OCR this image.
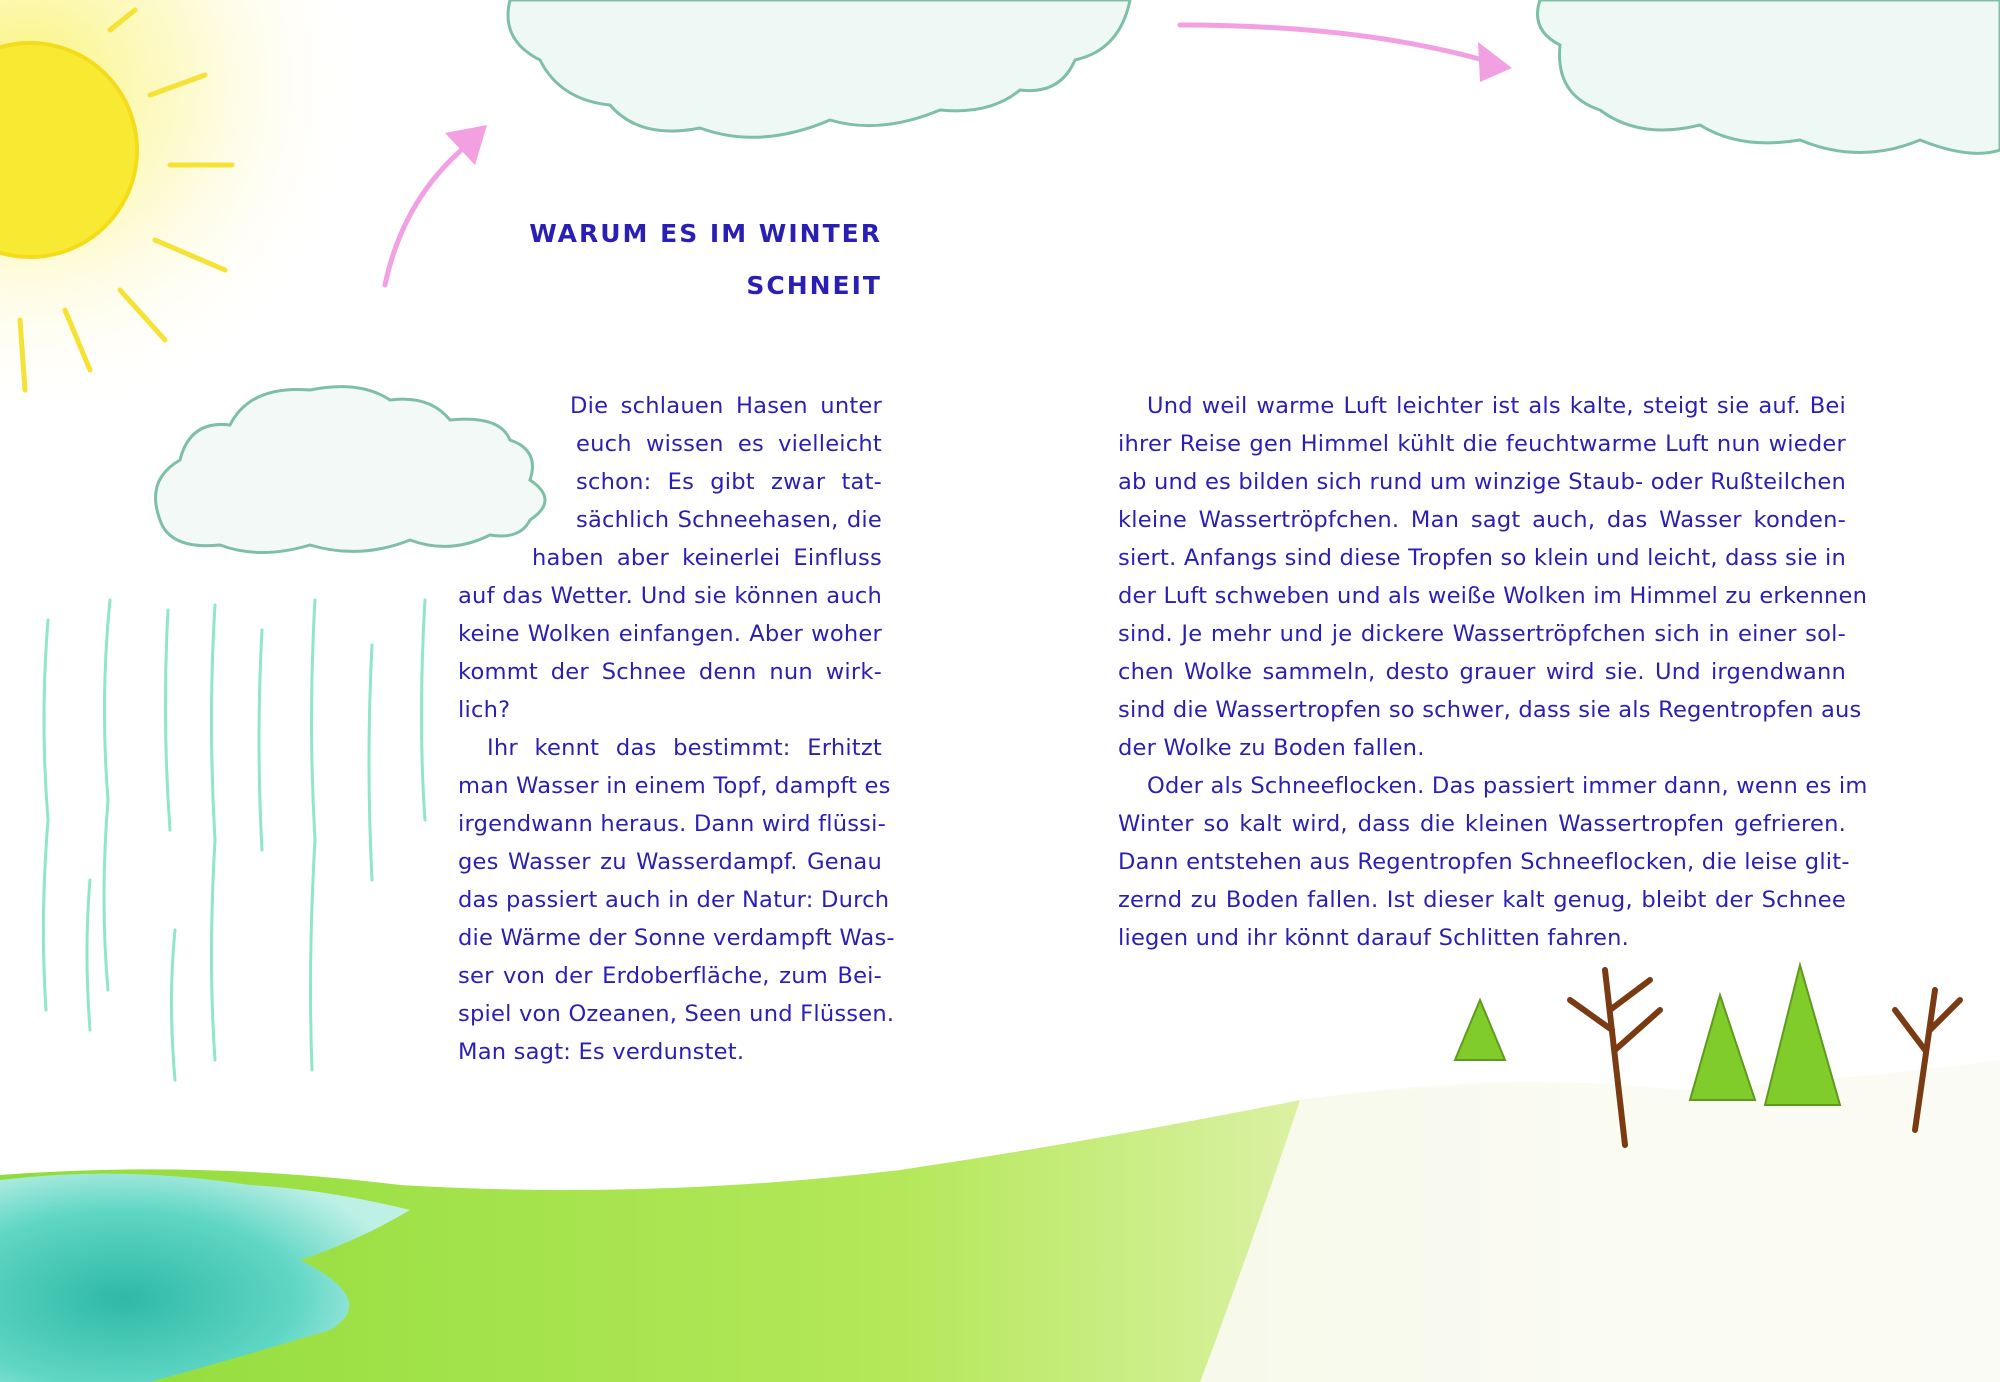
WARUM ES IM WINTER
SCHNEIT
Die schlauen Hasen unter
euch wissen es vielleicht
schon: Es gibt zwar tat-
sächlich Schneehasen, die
haben aber keinerlei Einfluss
auf das Wetter. Und sie können auch
keine Wolken einfangen. Aber woher
kommt der Schnee denn nun wirk-
lich?
Ihr kennt das bestimmt: Erhitzt
man Wasser in einem Topf, dampft es
irgendwann heraus. Dann wird flüssi-
ges Wasser zu Wasserdampf. Genau
das passiert auch in der Natur: Durch
die Wärme der Sonne verdampft Was-
ser von der Erdoberfläche, zum Bei-
spiel von Ozeanen, Seen und Flüssen.
Man sagt: Es verdunstet.
Und weil warme Luft leichter ist als kalte, steigt sie auf. Bei
ihrer Reise gen Himmel kühlt die feuchtwarme Luft nun wieder
ab und es bilden sich rund um winzige Staub- oder Rußteilchen
kleine Wassertröpfchen. Man sagt auch, das Wasser konden-
siert. Anfangs sind diese Tropfen so klein und leicht, dass sie in
der Luft schweben und als weiße Wolken im Himmel zu erkennen
sind. Je mehr und je dickere Wassertröpfchen sich in einer sol-
chen Wolke sammeln, desto grauer wird sie. Und irgendwann
sind die Wassertropfen so schwer, dass sie als Regentropfen aus
der Wolke zu Boden fallen.
Oder als Schneeflocken. Das passiert immer dann, wenn es im
Winter so kalt wird, dass die kleinen Wassertropfen gefrieren.
Dann entstehen aus Regentropfen Schneeflocken, die leise glit-
zernd zu Boden fallen. Ist dieser kalt genug, bleibt der Schnee
liegen und ihr könnt darauf Schlitten fahren.
